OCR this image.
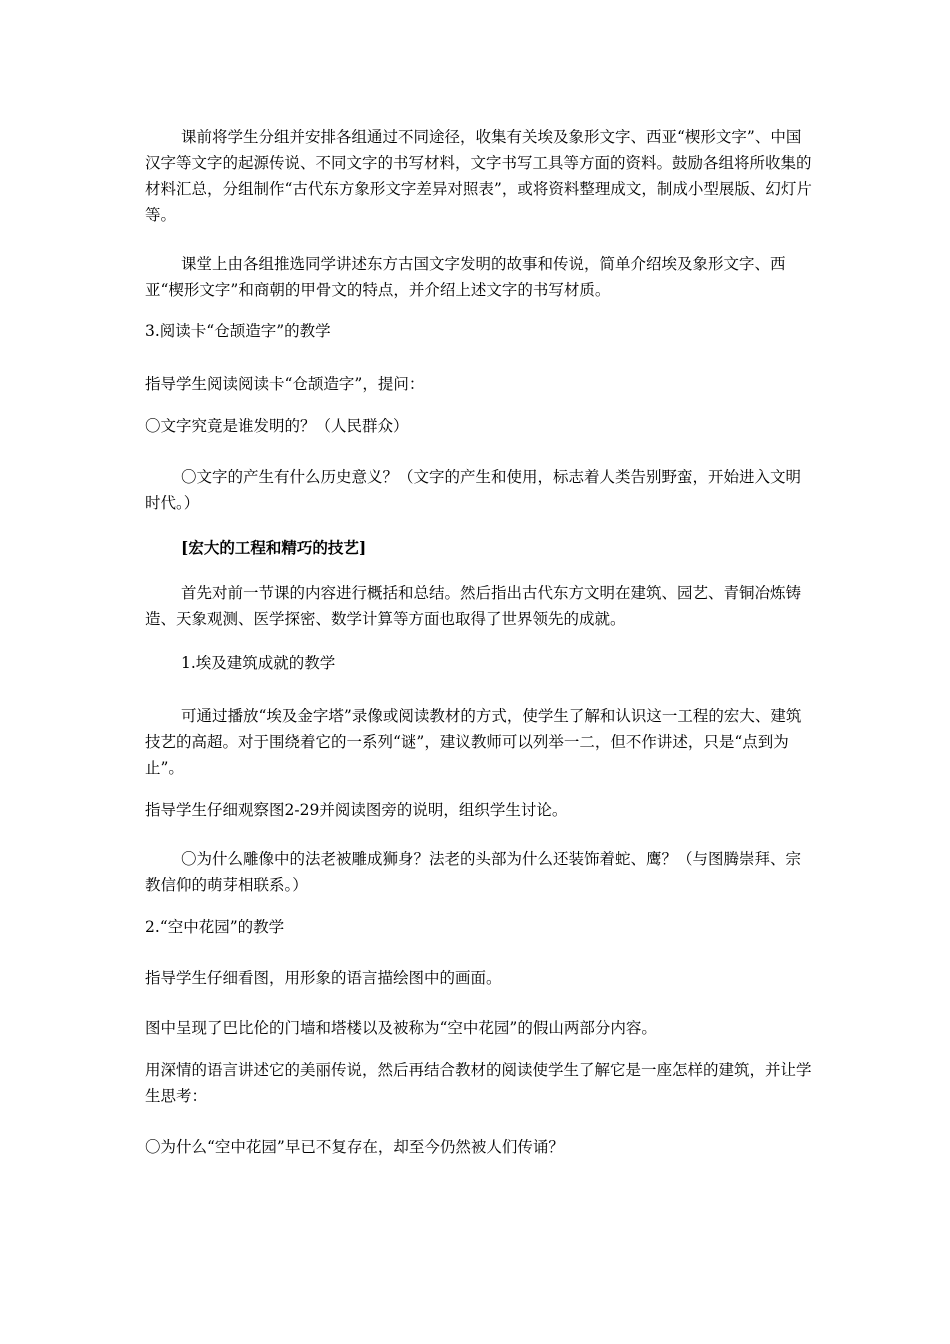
课前将学生分组并安排各组通过不同途径，收集有关埃及象形文字、西亚“楔形文字”、中国汉字等文字的起源传说、不同文字的书写材料，文字书写工具等方面的资料。鼓励各组将所收集的材料汇总，分组制作“古代东方象形文字差异对照表”，或将资料整理成文，制成小型展版、幻灯片等。

课堂上由各组推选同学讲述东方古国文字发明的故事和传说，简单介绍埃及象形文字、西亚“楔形文字”和商朝的甲骨文的特点，并介绍上述文字的书写材质。

3.阅读卡“仓颉造字”的教学

指导学生阅读阅读卡“仓颉造字”，提问：

〇文字究竟是谁发明的？（人民群众）

〇文字的产生有什么历史意义？（文字的产生和使用，标志着人类告别野蛮，开始进入文明时代。）

[宏大的工程和精巧的技艺]

首先对前一节课的内容进行概括和总结。然后指出古代东方文明在建筑、园艺、青铜冶炼铸造、天象观测、医学探密、数学计算等方面也取得了世界领先的成就。

1.埃及建筑成就的教学

可通过播放“埃及金字塔”录像或阅读教材的方式，使学生了解和认识这一工程的宏大、建筑技艺的高超。对于围绕着它的一系列“谜”，建议教师可以列举一二，但不作讲述，只是“点到为止”。

指导学生仔细观察图2-29并阅读图旁的说明，组织学生讨论。

〇为什么雕像中的法老被雕成狮身？法老的头部为什么还装饰着蛇、鹰？（与图腾崇拜、宗教信仰的萌芽相联系。）

2.“空中花园”的教学

指导学生仔细看图，用形象的语言描绘图中的画面。

图中呈现了巴比伦的门墙和塔楼以及被称为“空中花园”的假山两部分内容。

用深情的语言讲述它的美丽传说，然后再结合教材的阅读使学生了解它是一座怎样的建筑，并让学生思考：

〇为什么“空中花园”早已不复存在，却至今仍然被人们传诵？
